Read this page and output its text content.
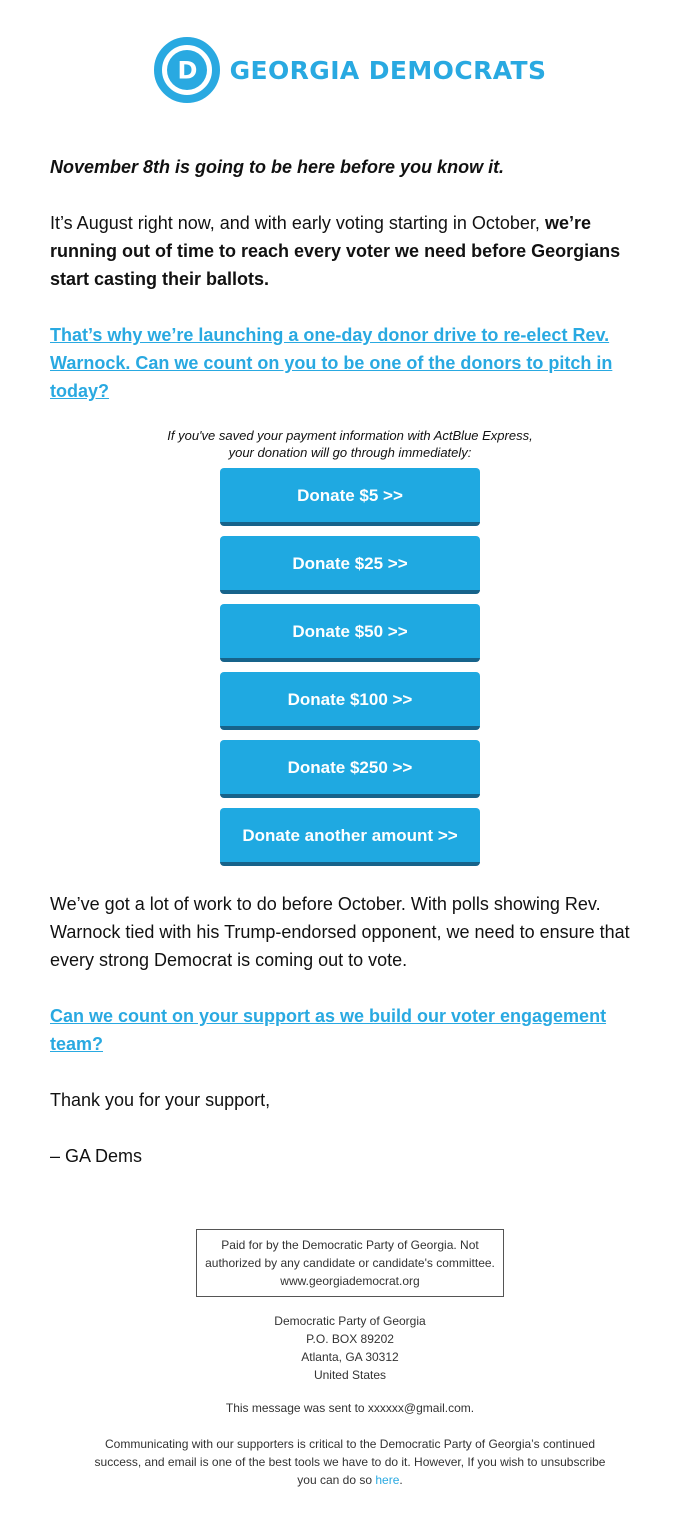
D GEORGIA DEMOCRATS

November 8th is going to be here before you know it.

It’s August right now, and with early voting starting in October, we’re running out of time to reach every voter we need before Georgians start casting their ballots.

That’s why we’re launching a one-day donor drive to re-elect Rev. Warnock. Can we count on you to be one of the donors to pitch in today?

If you've saved your payment information with ActBlue Express,
your donation will go through immediately:
Donate $5 >>
Donate $25 >>
Donate $50 >>
Donate $100 >>
Donate $250 >>
Donate another amount >>

We’ve got a lot of work to do before October. With polls showing Rev. Warnock tied with his Trump-endorsed opponent, we need to ensure that every strong Democrat is coming out to vote.

Can we count on your support as we build our voter engagement team?

Thank you for your support,

– GA Dems

Paid for by the Democratic Party of Georgia. Not
authorized by any candidate or candidate's committee.
www.georgiademocrat.org
Democratic Party of Georgia
P.O. BOX 89202
Atlanta, GA 30312
United States
This message was sent to xxxxxx@gmail.com.
Communicating with our supporters is critical to the Democratic Party of Georgia’s continued success, and email is one of the best tools we have to do it. However, If you wish to unsubscribe you can do so here.
